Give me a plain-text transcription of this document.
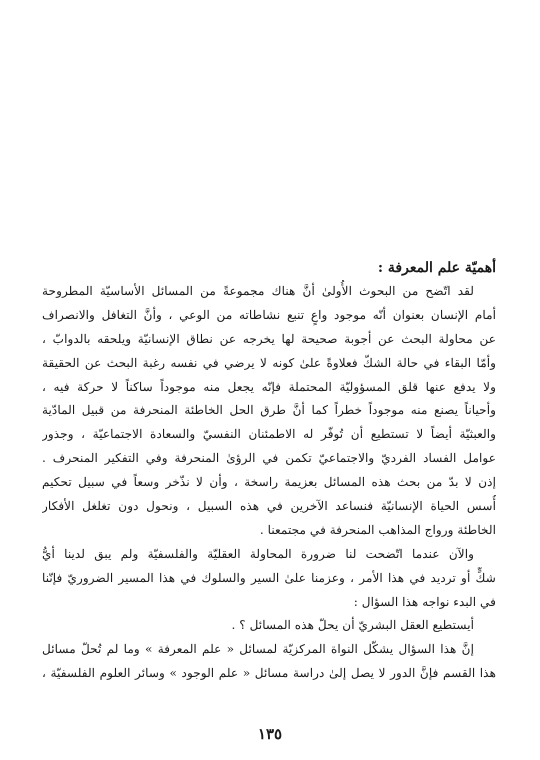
أهميّة علم المعرفة :
لقد اتّضح من البحوث الأُولىٰ أنَّ هناك مجموعةً من المسائل الأساسيّة المطروحة
أمام الإنسان بعنوان أنّه موجود واعٍ تنبع نشاطاته من الوعي ، وأنَّ التغافل والانصراف
عن محاولة البحث عن أجوبة صحيحة لها يخرجه عن نطاق الإنسانيّة ويلحقه بالدوابّ ،
وأمّا البقاء في حالة الشكّ فعلاوةً علىٰ كونه لا يرضي في نفسه رغبة البحث عن الحقيقة
ولا يدفع عنها قلق المسؤوليّة المحتملة فإنّه يجعل منه موجوداً ساكناً لا حركة فيه ،
وأحياناً يصنع منه موجوداً خطراً كما أنَّ طرق الحل الخاطئة المنحرفة من قبيل المادّية
والعبثيّة أيضاً لا تستطيع أن تُوفّر له الاطمئنان النفسيّ والسعادة الاجتماعيّة ، وجذور
عوامل الفساد الفرديّ والاجتماعيّ تكمن في الرؤىٰ المنحرفة وفي التفكير المنحرف .
إذن لا بدّ من بحث هذه المسائل بعزيمة راسخة ، وأن لا نذّخر وسعاً في سبيل تحكيم
أُسس الحياة الإنسانيّة فنساعد الآخرين في هذه السبيل ، ونحول دون تغلغل الأفكار
الخاطئة ورواج المذاهب المنحرفة في مجتمعنا .
والآن عندما اتّضحت لنا ضرورة المحاولة العقليّة والفلسفيّة ولم يبق لدينا أيُّ
شكٍّ أو ترديد في هذا الأمر ، وعزمنا علىٰ السير والسلوك في هذا المسير الضروريّ فإنّنا
في البدء نواجه هذا السؤال :
أيستطيع العقل البشريّ أن يحلّ هذه المسائل ؟ .
إنَّ هذا السؤال يشكّل النواة المركزيّة لمسائل « علم المعرفة » وما لم تُحلّ مسائل
هذا القسم فإنَّ الدور لا يصل إلىٰ دراسة مسائل « علم الوجود » وسائر العلوم الفلسفيّة ،
١٣٥
